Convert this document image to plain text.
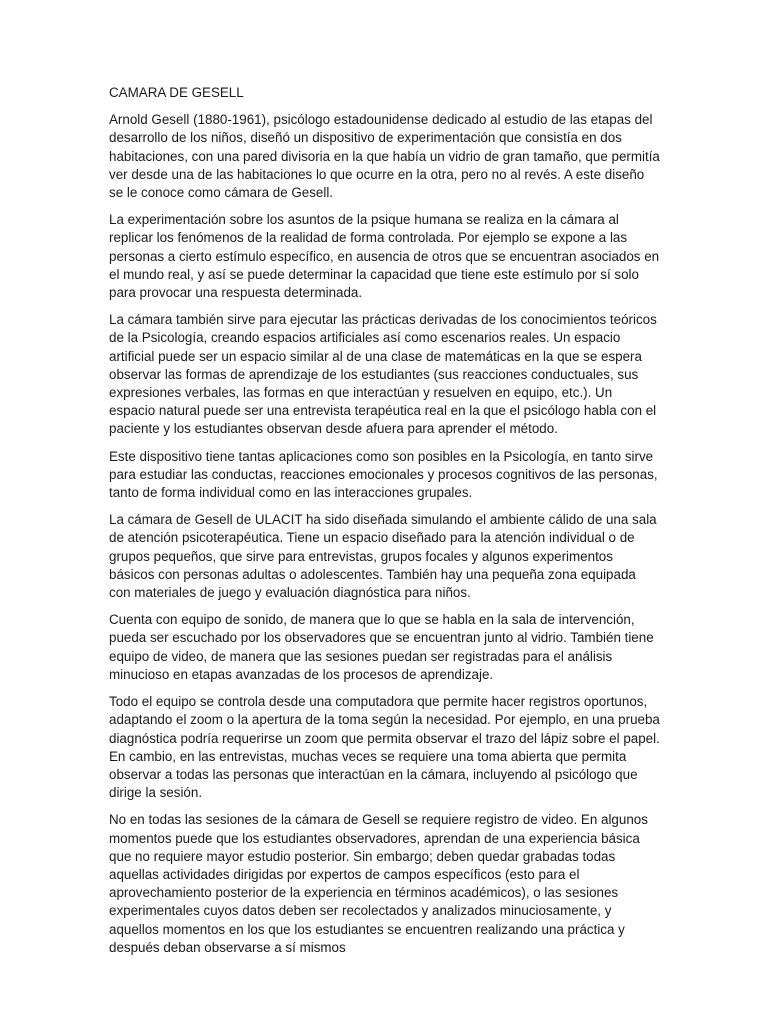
CAMARA DE GESELL

Arnold Gesell (1880-1961), psicólogo estadounidense dedicado al estudio de las etapas del desarrollo de los niños, diseñó un dispositivo de experimentación que consistía en dos habitaciones, con una pared divisoria en la que había un vidrio de gran tamaño, que permitía ver desde una de las habitaciones lo que ocurre en la otra, pero no al revés. A este diseño se le conoce como cámara de Gesell.

La experimentación sobre los asuntos de la psique humana se realiza en la cámara al replicar los fenómenos de la realidad de forma controlada. Por ejemplo se expone a las personas a cierto estímulo específico, en ausencia de otros que se encuentran asociados en el mundo real, y así se puede determinar la capacidad que tiene este estímulo por sí solo para provocar una respuesta determinada.

La cámara también sirve para ejecutar las prácticas derivadas de los conocimientos teóricos de la Psicología, creando espacios artificiales así como escenarios reales. Un espacio artificial puede ser un espacio similar al de una clase de matemáticas en la que se espera observar las formas de aprendizaje de los estudiantes (sus reacciones conductuales, sus expresiones verbales, las formas en que interactúan y resuelven en equipo, etc.). Un espacio natural puede ser una entrevista terapéutica real en la que el psicólogo habla con el paciente y los estudiantes observan desde afuera para aprender el método.

Este dispositivo tiene tantas aplicaciones como son posibles en la Psicología, en tanto sirve para estudiar las conductas, reacciones emocionales y procesos cognitivos de las personas, tanto de forma individual como en las interacciones grupales.

La cámara de Gesell de ULACIT ha sido diseñada simulando el ambiente cálido de una sala de atención psicoterapéutica. Tiene un espacio diseñado para la atención individual o de grupos pequeños, que sirve para entrevistas, grupos focales y algunos experimentos básicos con personas adultas o adolescentes. También hay una pequeña zona equipada con materiales de juego y evaluación diagnóstica para niños.

Cuenta con equipo de sonido, de manera que lo que se habla en la sala de intervención, pueda ser escuchado por los observadores que se encuentran junto al vidrio. También tiene equipo de video, de manera que las sesiones puedan ser registradas para el análisis minucioso en etapas avanzadas de los procesos de aprendizaje.

Todo el equipo se controla desde una computadora que permite hacer registros oportunos, adaptando el zoom o la apertura de la toma según la necesidad. Por ejemplo, en una prueba diagnóstica podría requerirse un zoom que permita observar el trazo del lápiz sobre el papel. En cambio, en las entrevistas, muchas veces se requiere una toma abierta que permita observar a todas las personas que interactúan en la cámara, incluyendo al psicólogo que dirige la sesión.

No en todas las sesiones de la cámara de Gesell se requiere registro de video. En algunos momentos puede que los estudiantes observadores, aprendan de una experiencia básica que no requiere mayor estudio posterior. Sin embargo; deben quedar grabadas todas aquellas actividades dirigidas por expertos de campos específicos (esto para el aprovechamiento posterior de la experiencia en términos académicos), o las sesiones experimentales cuyos datos deben ser recolectados y analizados minuciosamente, y aquellos momentos en los que los estudiantes se encuentren realizando una práctica y después deban observarse a sí mismos
